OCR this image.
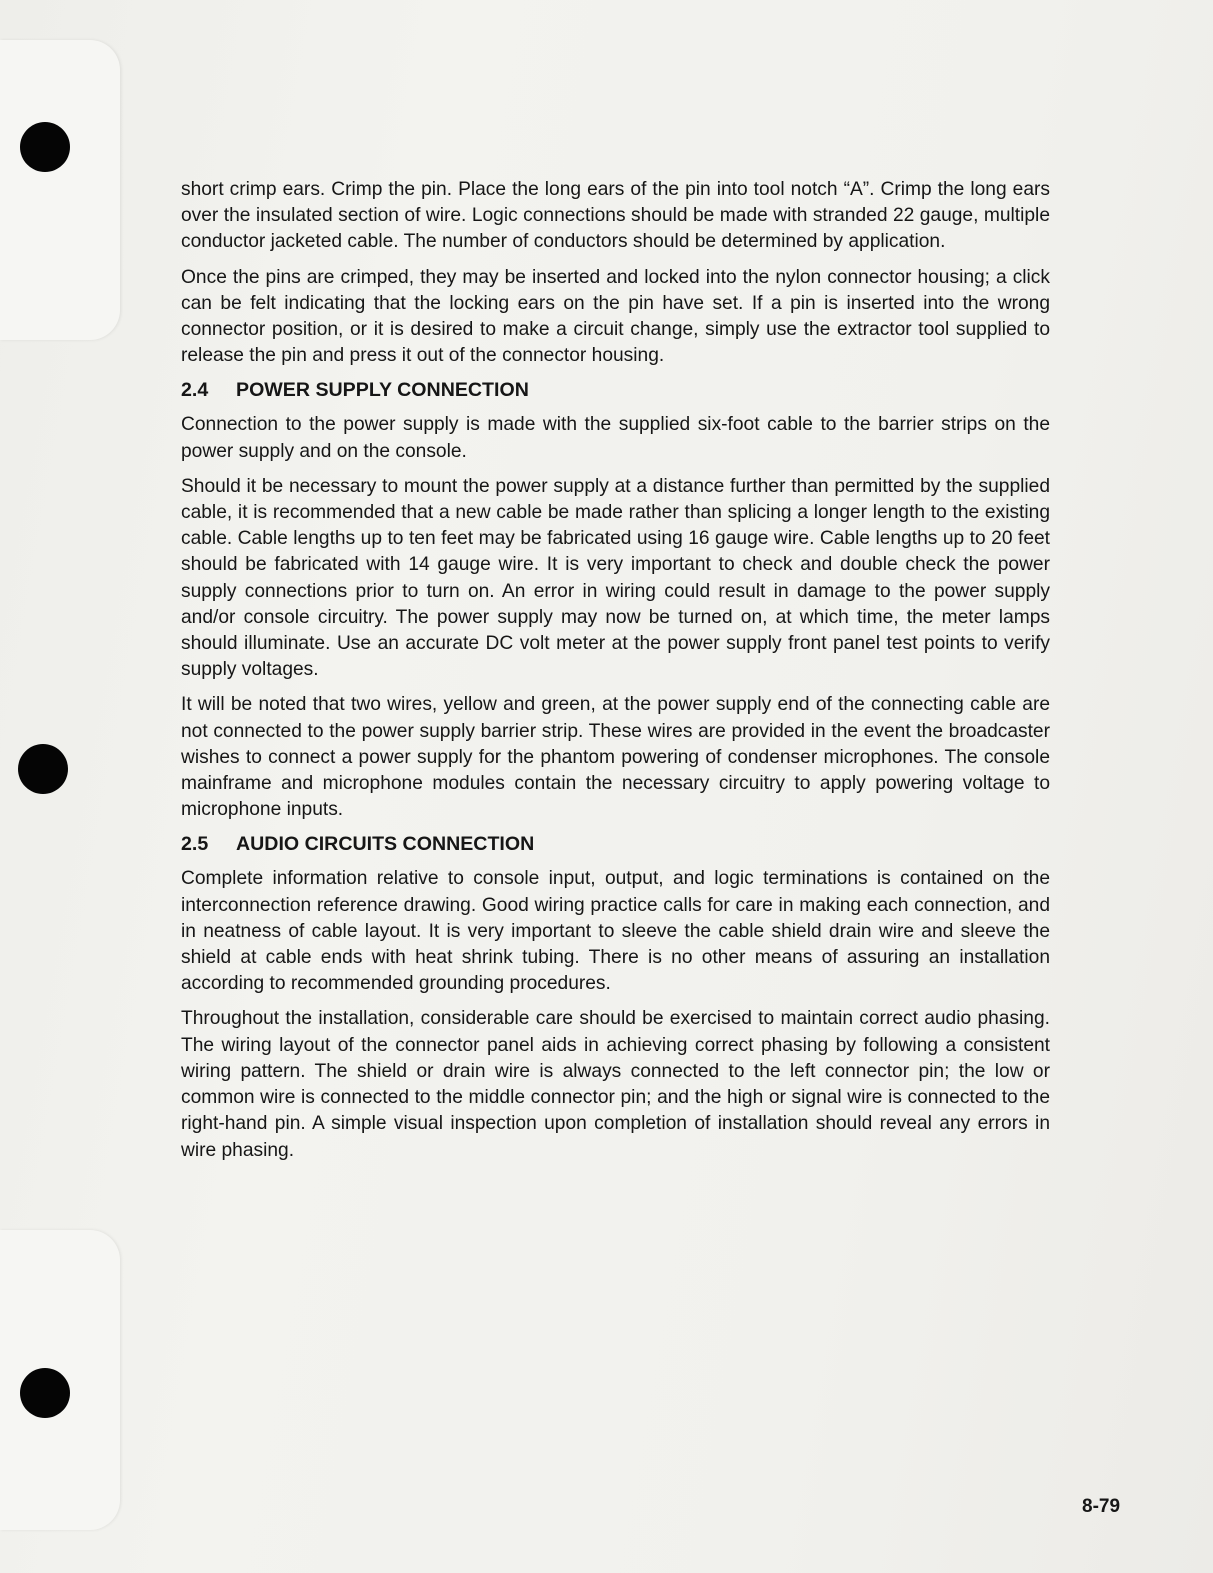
short crimp ears. Crimp the pin. Place the long ears of the pin into tool notch “A”. Crimp the long ears over the insulated section of wire. Logic connections should be made with stranded 22 gauge, multiple conductor jacketed cable. The number of conductors should be determined by application.

Once the pins are crimped, they may be inserted and locked into the nylon connector housing; a click can be felt indicating that the locking ears on the pin have set. If a pin is inserted into the wrong connector position, or it is desired to make a circuit change, simply use the extractor tool supplied to release the pin and press it out of the connector housing.

2.4 POWER SUPPLY CONNECTION

Connection to the power supply is made with the supplied six-foot cable to the barrier strips on the power supply and on the console.

Should it be necessary to mount the power supply at a distance further than permitted by the supplied cable, it is recommended that a new cable be made rather than splicing a longer length to the existing cable. Cable lengths up to ten feet may be fabricated using 16 gauge wire. Cable lengths up to 20 feet should be fabricated with 14 gauge wire. It is very important to check and double check the power supply connections prior to turn on. An error in wiring could result in damage to the power supply and/or console circuitry. The power supply may now be turned on, at which time, the meter lamps should illuminate. Use an accurate DC volt meter at the power supply front panel test points to verify supply voltages.

It will be noted that two wires, yellow and green, at the power supply end of the connecting cable are not connected to the power supply barrier strip. These wires are provided in the event the broadcaster wishes to connect a power supply for the phantom powering of condenser microphones. The console mainframe and microphone modules contain the necessary circuitry to apply powering voltage to microphone inputs.

2.5 AUDIO CIRCUITS CONNECTION

Complete information relative to console input, output, and logic terminations is contained on the interconnection reference drawing. Good wiring practice calls for care in making each connection, and in neatness of cable layout. It is very important to sleeve the cable shield drain wire and sleeve the shield at cable ends with heat shrink tubing. There is no other means of assuring an installation according to recommended grounding procedures.

Throughout the installation, considerable care should be exercised to maintain correct audio phasing. The wiring layout of the connector panel aids in achieving correct phasing by following a consistent wiring pattern. The shield or drain wire is always connected to the left connector pin; the low or common wire is connected to the middle connector pin; and the high or signal wire is connected to the right-hand pin. A simple visual inspection upon completion of installation should reveal any errors in wire phasing.

8-79
